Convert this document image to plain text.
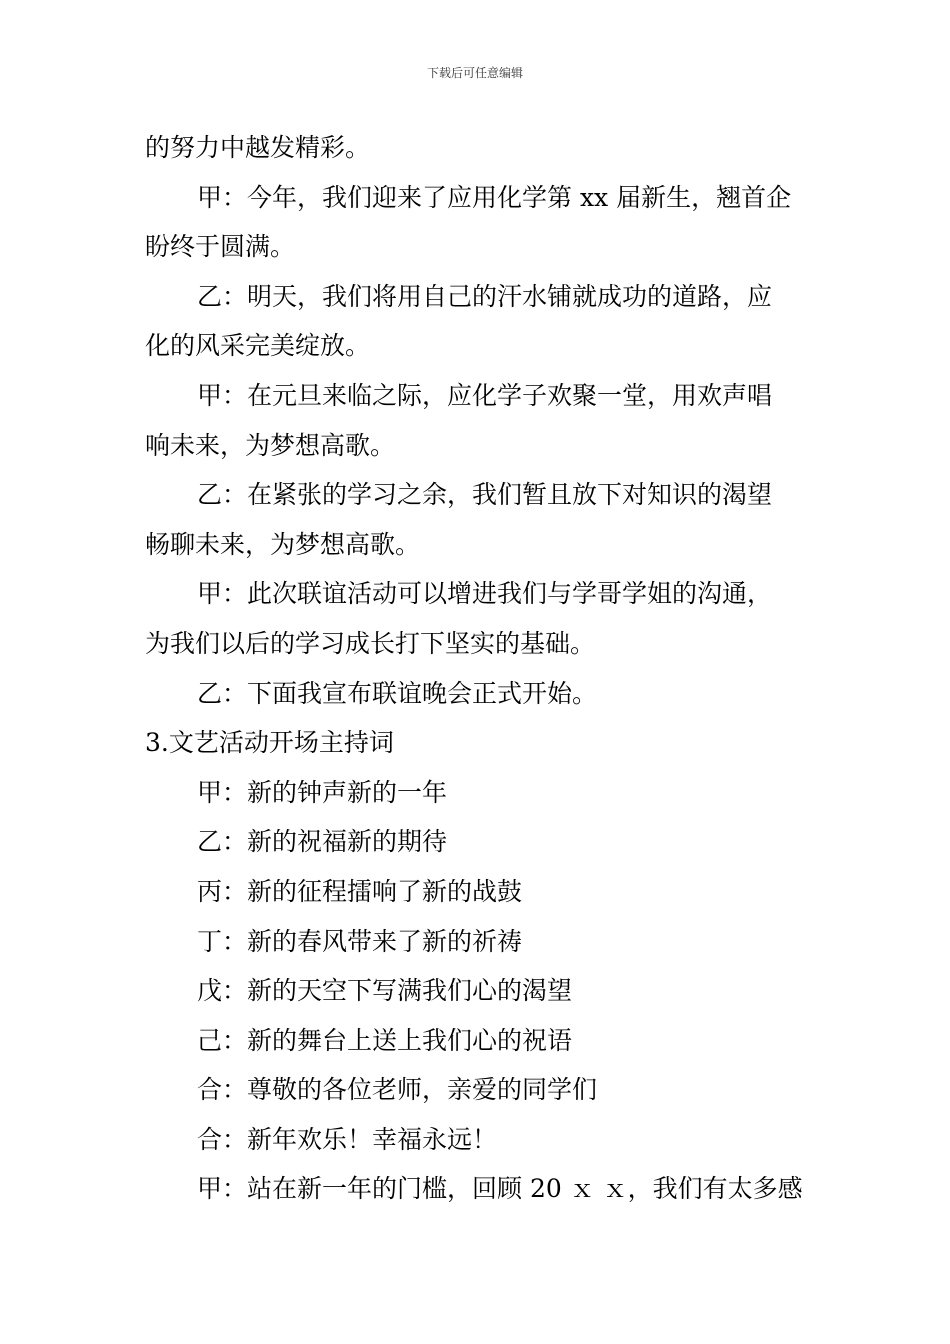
下载后可任意编辑
的努力中越发精彩。
甲：今年，我们迎来了应用化学第 xx 届新生，翘首企
盼终于圆满。
乙：明天，我们将用自己的汗水铺就成功的道路，应
化的风采完美绽放。
甲：在元旦来临之际，应化学子欢聚一堂，用欢声唱
响未来，为梦想高歌。
乙：在紧张的学习之余，我们暂且放下对知识的渴望
畅聊未来，为梦想高歌。
甲：此次联谊活动可以增进我们与学哥学姐的沟通，
为我们以后的学习成长打下坚实的基础。
乙：下面我宣布联谊晚会正式开始。
3.文艺活动开场主持词
甲：新的钟声新的一年
乙：新的祝福新的期待
丙：新的征程擂响了新的战鼓
丁：新的春风带来了新的祈祷
戊：新的天空下写满我们心的渴望
己：新的舞台上送上我们心的祝语
合：尊敬的各位老师，亲爱的同学们
合：新年欢乐！幸福永远！
甲：站在新一年的门槛，回顾 20 ｘ ｘ，我们有太多感
